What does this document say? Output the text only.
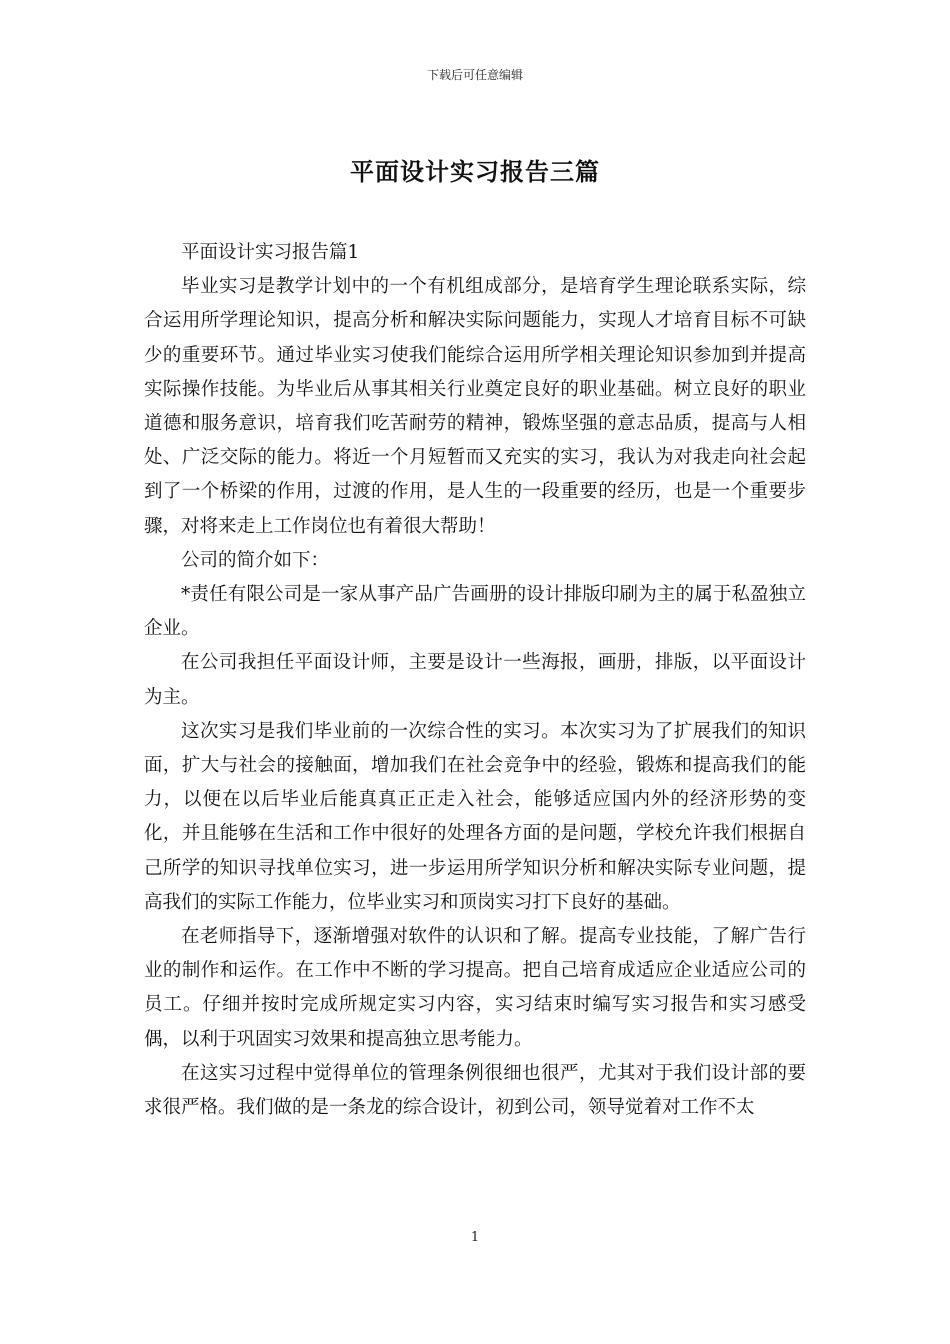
下载后可任意编辑
平面设计实习报告三篇

平面设计实习报告篇1

毕业实习是教学计划中的一个有机组成部分，是培育学生理论联系实际，综合运用所学理论知识，提高分析和解决实际问题能力，实现人才培育目标不可缺少的重要环节。通过毕业实习使我们能综合运用所学相关理论知识参加到并提高实际操作技能。为毕业后从事其相关行业奠定良好的职业基础。树立良好的职业道德和服务意识，培育我们吃苦耐劳的精神，锻炼坚强的意志品质，提高与人相处、广泛交际的能力。将近一个月短暂而又充实的实习，我认为对我走向社会起到了一个桥梁的作用，过渡的作用，是人生的一段重要的经历，也是一个重要步骤，对将来走上工作岗位也有着很大帮助！

公司的简介如下：

*责任有限公司是一家从事产品广告画册的设计排版印刷为主的属于私盈独立企业。

在公司我担任平面设计师，主要是设计一些海报，画册，排版，以平面设计为主。

这次实习是我们毕业前的一次综合性的实习。本次实习为了扩展我们的知识面，扩大与社会的接触面，增加我们在社会竞争中的经验，锻炼和提高我们的能力，以便在以后毕业后能真真正正走入社会，能够适应国内外的经济形势的变化，并且能够在生活和工作中很好的处理各方面的是问题，学校允许我们根据自己所学的知识寻找单位实习，进一步运用所学知识分析和解决实际专业问题，提高我们的实际工作能力，位毕业实习和顶岗实习打下良好的基础。

在老师指导下，逐渐增强对软件的认识和了解。提高专业技能，了解广告行业的制作和运作。在工作中不断的学习提高。把自己培育成适应企业适应公司的员工。仔细并按时完成所规定实习内容，实习结束时编写实习报告和实习感受偶，以利于巩固实习效果和提高独立思考能力。

在这实习过程中觉得单位的管理条例很细也很严，尤其对于我们设计部的要求很严格。我们做的是一条龙的综合设计，初到公司，领导觉着对工作不太

1
